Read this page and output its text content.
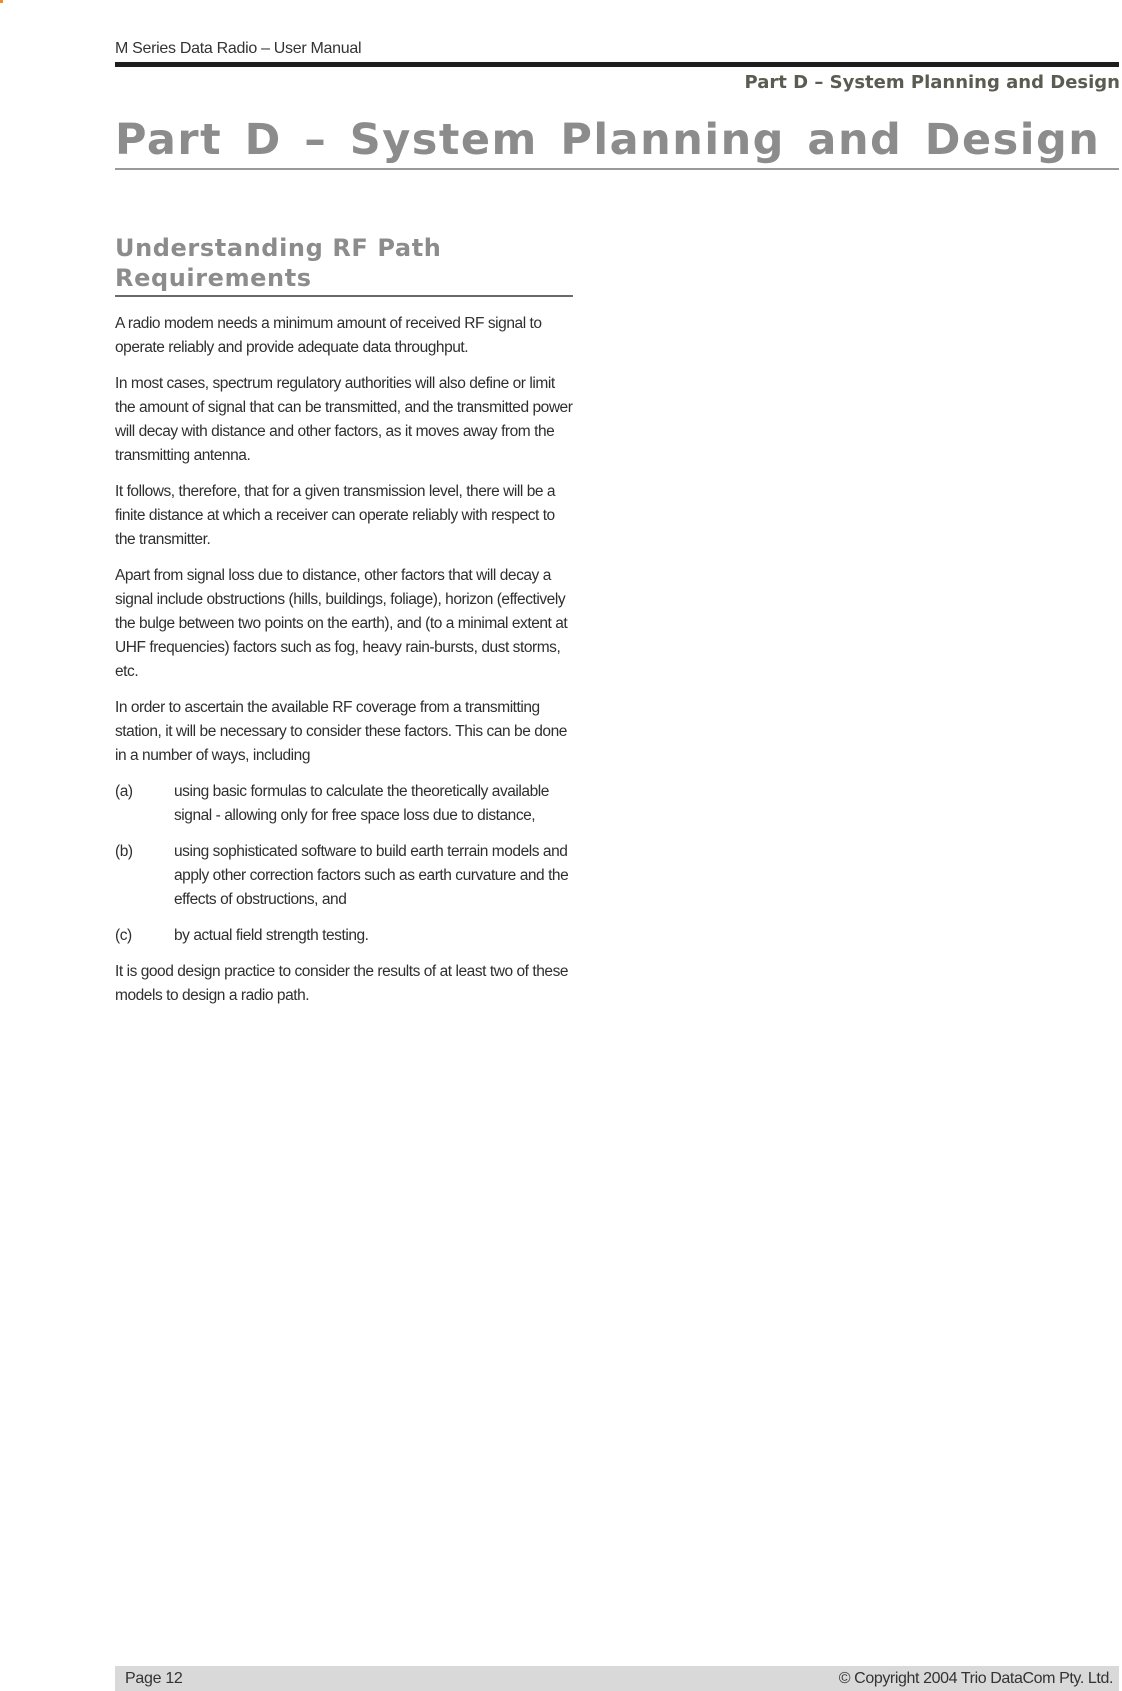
M Series Data Radio – User Manual
Part D – System Planning and Design
Part D – System Planning and Design
Understanding RF Path Requirements

A radio modem needs a minimum amount of received RF signal to operate reliably and provide adequate data throughput.

In most cases, spectrum regulatory authorities will also define or limit the amount of signal that can be transmitted, and the transmitted power will decay with distance and other factors, as it moves away from the transmitting antenna.

It follows, therefore, that for a given transmission level, there will be a finite distance at which a receiver can operate reliably with respect to the transmitter.

Apart from signal loss due to distance, other factors that will decay a signal include obstructions (hills, buildings, foliage), horizon (effectively the bulge between two points on the earth), and (to a minimal extent at UHF frequencies) factors such as fog, heavy rain-bursts, dust storms, etc.

In order to ascertain the available RF coverage from a transmitting station, it will be necessary to consider these factors. This can be done in a number of ways, including

(a)	using basic formulas to calculate the theoretically available signal - allowing only for free space loss due to distance,
(b)	using sophisticated software to build earth terrain models and apply other correction factors such as earth curvature and the effects of obstructions, and
(c)	by actual field strength testing.

It is good design practice to consider the results of at least two of these models to design a radio path.

Page 12	© Copyright 2004 Trio DataCom Pty. Ltd.
